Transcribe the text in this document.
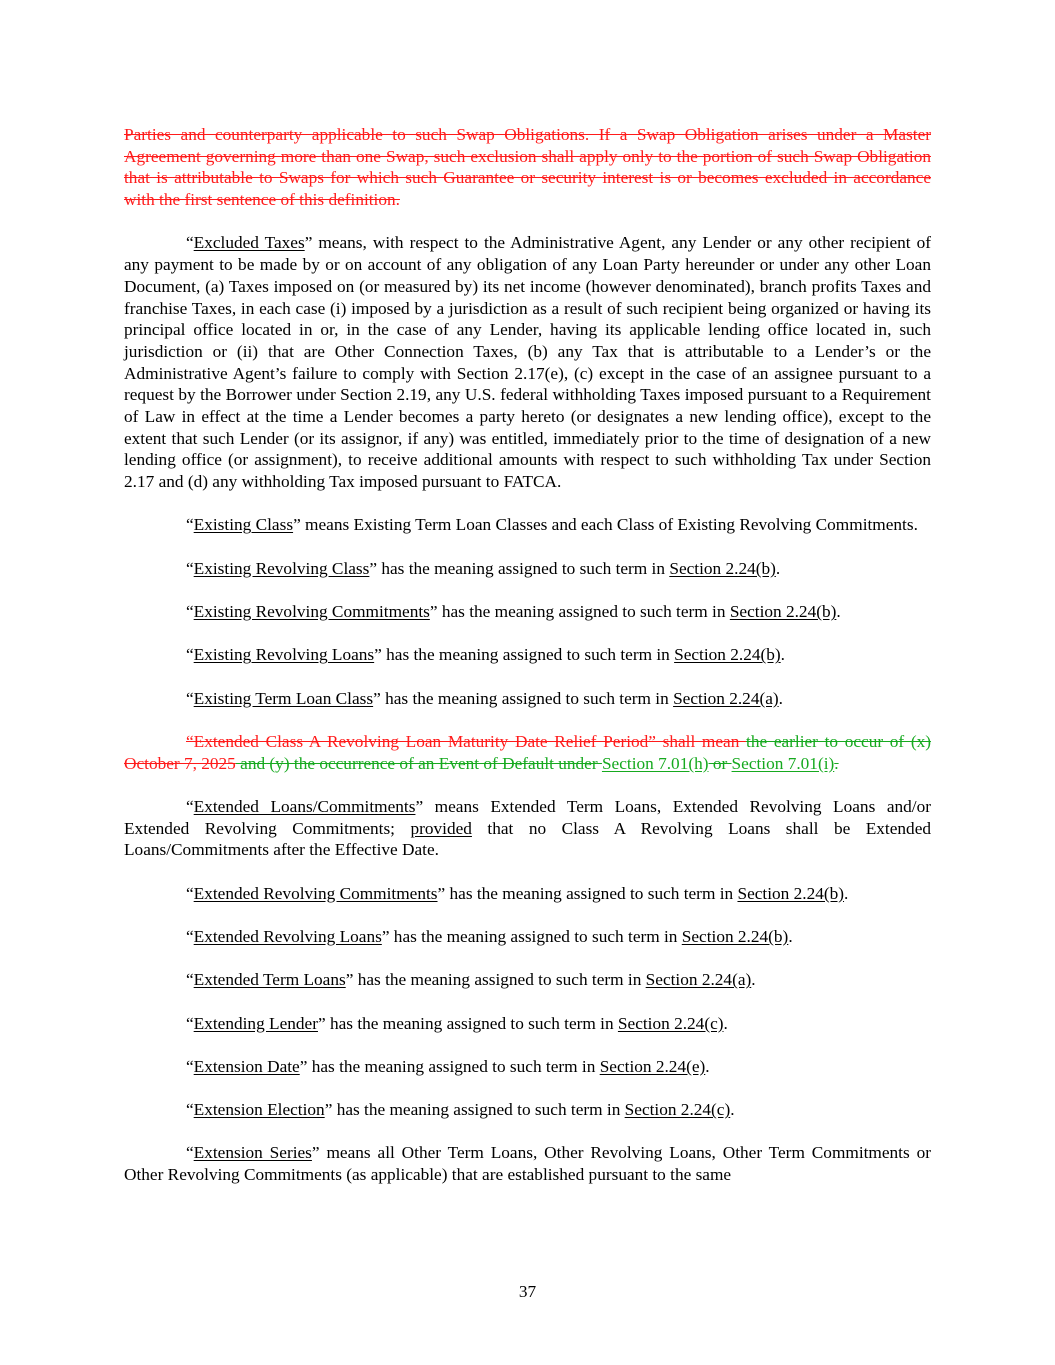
Parties and counterparty applicable to such Swap Obligations. If a Swap Obligation arises under a Master Agreement governing more than one Swap, such exclusion shall apply only to the portion of such Swap Obligation that is attributable to Swaps for which such Guarantee or security interest is or becomes excluded in accordance with the first sentence of this definition.

“Excluded Taxes” means, with respect to the Administrative Agent, any Lender or any other recipient of any payment to be made by or on account of any obligation of any Loan Party hereunder or under any other Loan Document, (a) Taxes imposed on (or measured by) its net income (however denominated), branch profits Taxes and franchise Taxes, in each case (i) imposed by a jurisdiction as a result of such recipient being organized or having its principal office located in or, in the case of any Lender, having its applicable lending office located in, such jurisdiction or (ii) that are Other Connection Taxes, (b) any Tax that is attributable to a Lender’s or the Administrative Agent’s failure to comply with Section 2.17(e), (c) except in the case of an assignee pursuant to a request by the Borrower under Section 2.19, any U.S. federal withholding Taxes imposed pursuant to a Requirement of Law in effect at the time a Lender becomes a party hereto (or designates a new lending office), except to the extent that such Lender (or its assignor, if any) was entitled, immediately prior to the time of designation of a new lending office (or assignment), to receive additional amounts with respect to such withholding Tax under Section 2.17 and (d) any withholding Tax imposed pursuant to FATCA.

“Existing Class” means Existing Term Loan Classes and each Class of Existing Revolving Commitments.

“Existing Revolving Class” has the meaning assigned to such term in Section 2.24(b).

“Existing Revolving Commitments” has the meaning assigned to such term in Section 2.24(b).

“Existing Revolving Loans” has the meaning assigned to such term in Section 2.24(b).

“Existing Term Loan Class” has the meaning assigned to such term in Section 2.24(a).

“Extended Class A Revolving Loan Maturity Date Relief Period” shall mean the earlier to occur of (x) October 7, 2025 and (y) the occurrence of an Event of Default under Section 7.01(h) or Section 7.01(i).

“Extended Loans/Commitments” means Extended Term Loans, Extended Revolving Loans and/or Extended Revolving Commitments; provided that no Class A Revolving Loans shall be Extended Loans/Commitments after the Effective Date.

“Extended Revolving Commitments” has the meaning assigned to such term in Section 2.24(b).

“Extended Revolving Loans” has the meaning assigned to such term in Section 2.24(b).

“Extended Term Loans” has the meaning assigned to such term in Section 2.24(a).

“Extending Lender” has the meaning assigned to such term in Section 2.24(c).

“Extension Date” has the meaning assigned to such term in Section 2.24(e).

“Extension Election” has the meaning assigned to such term in Section 2.24(c).

“Extension Series” means all Other Term Loans, Other Revolving Loans, Other Term Commitments or Other Revolving Commitments (as applicable) that are established pursuant to the same

37
